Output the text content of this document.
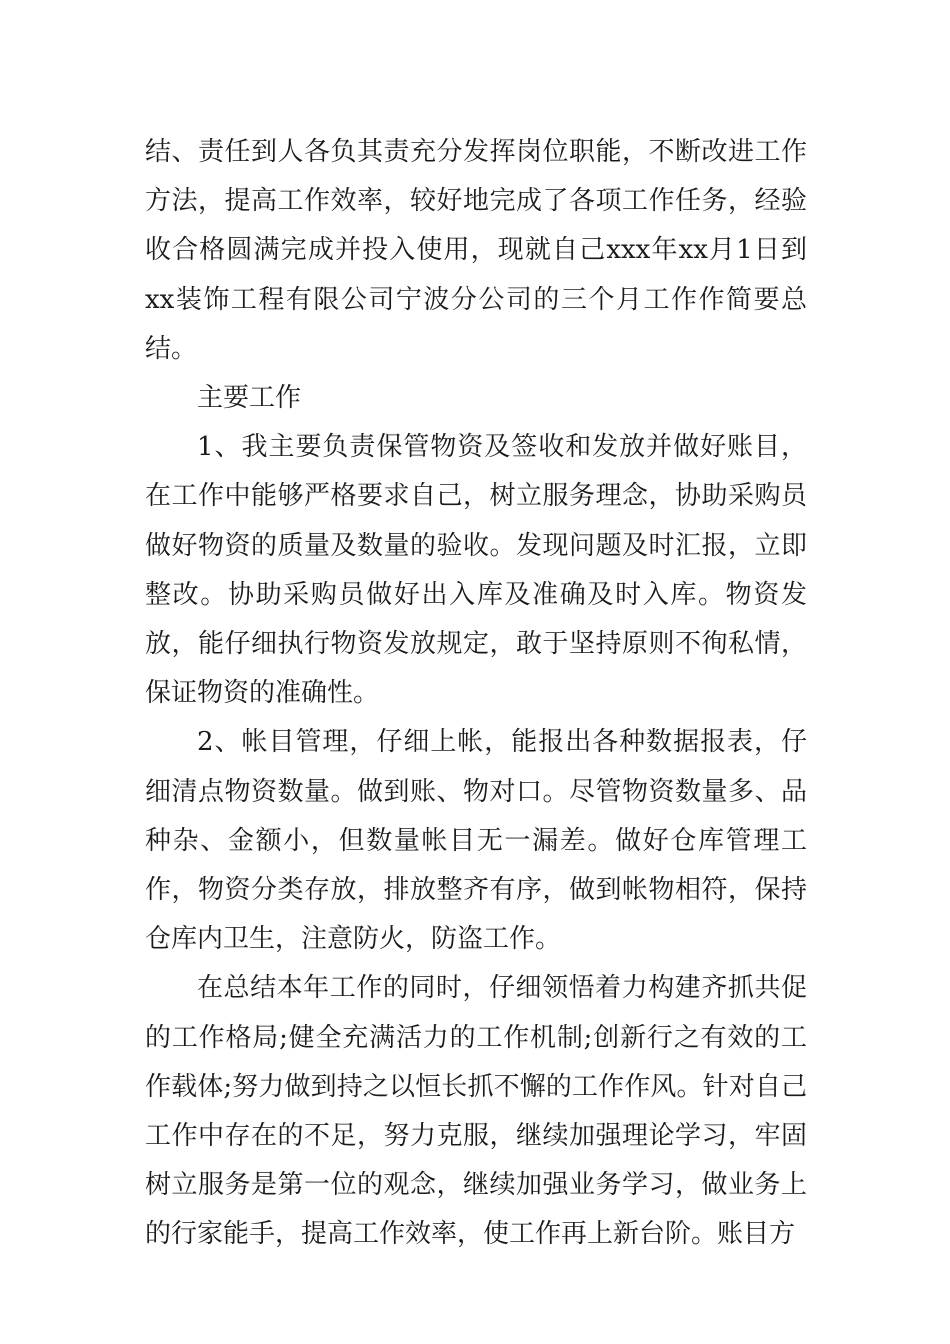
结、责任到人各负其责充分发挥岗位职能，不断改进工作方法，提高工作效率，较好地完成了各项工作任务，经验收合格圆满完成并投入使用，现就自己xxx年xx月1日到xx装饰工程有限公司宁波分公司的三个月工作作简要总结。

主要工作

1、我主要负责保管物资及签收和发放并做好账目，在工作中能够严格要求自己，树立服务理念，协助采购员做好物资的质量及数量的验收。发现问题及时汇报，立即整改。协助采购员做好出入库及准确及时入库。物资发放，能仔细执行物资发放规定，敢于坚持原则不徇私情，保证物资的准确性。

2、帐目管理，仔细上帐，能报出各种数据报表，仔细清点物资数量。做到账、物对口。尽管物资数量多、品种杂、金额小，但数量帐目无一漏差。做好仓库管理工作，物资分类存放，排放整齐有序，做到帐物相符，保持仓库内卫生，注意防火，防盗工作。

在总结本年工作的同时，仔细领悟着力构建齐抓共促的工作格局;健全充满活力的工作机制;创新行之有效的工作载体;努力做到持之以恒长抓不懈的工作作风。针对自己工作中存在的不足，努力克服，继续加强理论学习，牢固树立服务是第一位的观念，继续加强业务学习，做业务上的行家能手，提高工作效率，使工作再上新台阶。账目方
